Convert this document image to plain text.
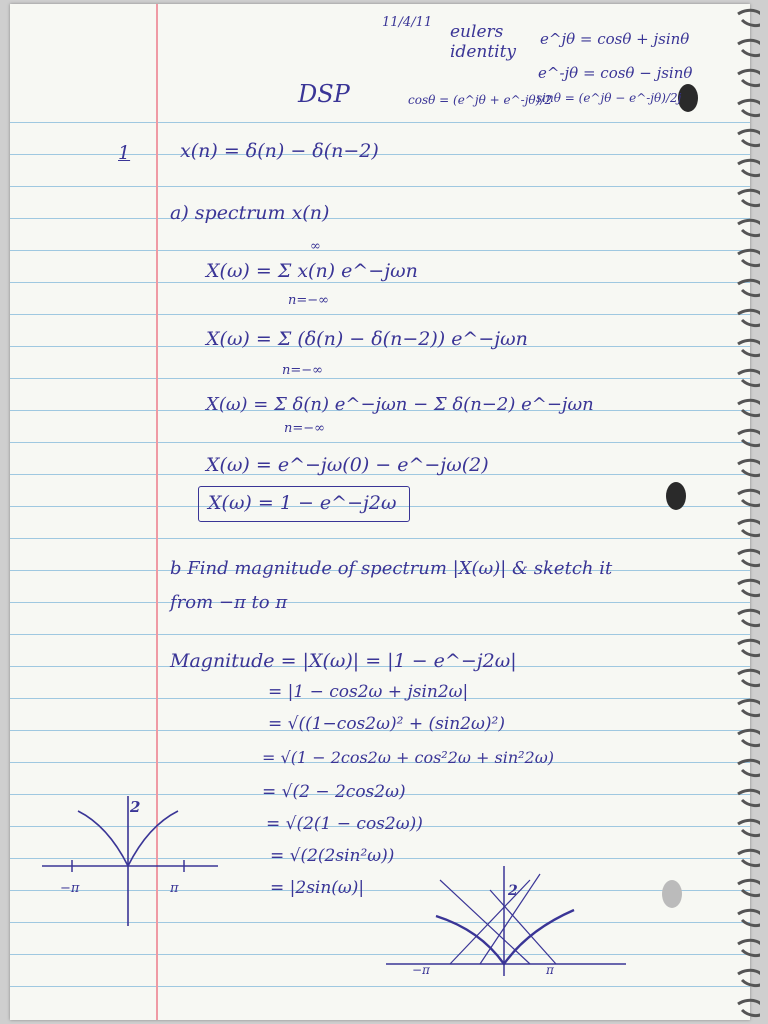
11/4/11 eulers identity
e^jθ = cosθ + jsinθ
e^-jθ = cosθ − jsinθ
DSP	cosθ = (e^jθ + e^-jθ)/2
sinθ = (e^jθ − e^-jθ)/2j
1	x(n) = δ(n) − δ(n−2)
a) spectrum x(n)
∞
X(ω) = Σ x(n) e^−jωn
n=−∞
X(ω) = Σ (δ(n) − δ(n−2)) e^−jωn
n=−∞
X(ω) = Σ δ(n) e^−jωn − Σ δ(n−2) e^−jωn
n=−∞
X(ω) = e^−jω(0) − e^−jω(2)
X(ω) = 1 − e^−j2ω
b Find magnitude of spectrum |X(ω)| & sketch it
from −π to π
Magnitude = |X(ω)| = |1 − e^−j2ω|
= |1 − cos2ω + jsin2ω|
= √((1−cos2ω)² + (sin2ω)²)
= √(1 − 2cos2ω + cos²2ω + sin²2ω)
= √(2 − 2cos2ω)
= √(2(1 − cos2ω))
= √(2(2sin²ω))
= |2sin(ω)|
2
−π	π	2
−π	π
